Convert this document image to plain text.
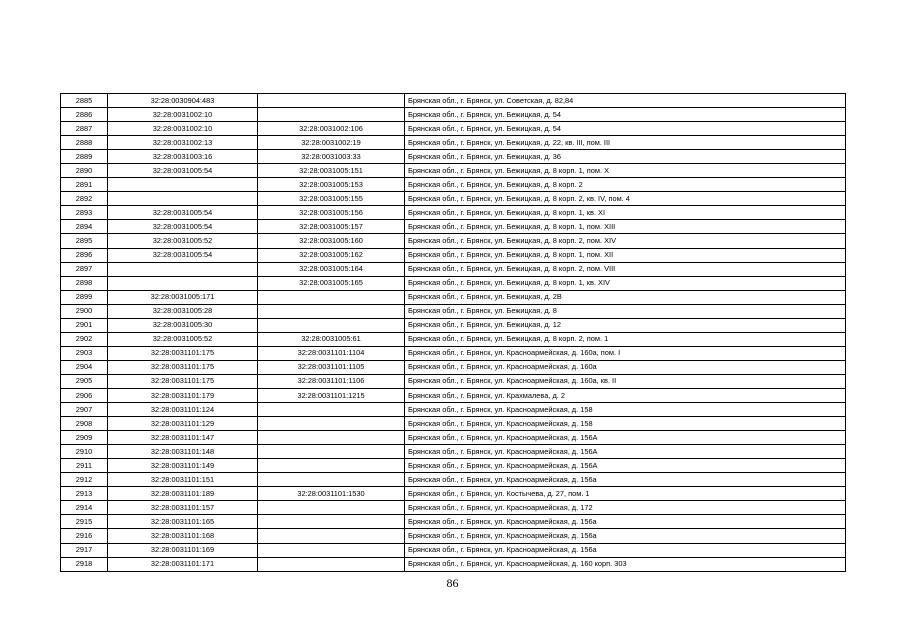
2885	32:28:0030904:483		Брянская обл., г. Брянск, ул. Советская, д. 82,84
2886	32:28:0031002:10		Брянская обл., г. Брянск, ул. Бежицкая, д. 54
2887	32:28:0031002:10	32:28:0031002:106	Брянская обл., г. Брянск, ул. Бежицкая, д. 54
2888	32:28:0031002:13	32:28:0031002:19	Брянская обл., г. Брянск, ул. Бежицкая, д. 22, кв. III, пом. III
2889	32:28:0031003:16	32:28:0031003:33	Брянская обл., г. Брянск, ул. Бежицкая, д. 36
2890	32:28:0031005:54	32:28:0031005:151	Брянская обл., г. Брянск, ул. Бежицкая, д. 8 корп. 1, пом. X
2891		32:28:0031005:153	Брянская обл., г. Брянск, ул. Бежицкая, д. 8 корп. 2
2892		32:28:0031005:155	Брянская обл., г. Брянск, ул. Бежицкая, д. 8 корп. 2, кв. IV, пом. 4
2893	32:28:0031005:54	32:28:0031005:156	Брянская обл., г. Брянск, ул. Бежицкая, д. 8 корп. 1, кв. XI
2894	32:28:0031005:54	32:28:0031005:157	Брянская обл., г. Брянск, ул. Бежицкая, д. 8 корп. 1, пом. XIII
2895	32:28:0031005:52	32:28:0031005:160	Брянская обл., г. Брянск, ул. Бежицкая, д. 8 корп. 2, пом. XIV
2896	32:28:0031005:54	32:28:0031005:162	Брянская обл., г. Брянск, ул. Бежицкая, д. 8 корп. 1, пом. XII
2897		32:28:0031005:164	Брянская обл., г. Брянск, ул. Бежицкая, д. 8 корп. 2, пом. VIII
2898		32:28:0031005:165	Брянская обл., г. Брянск, ул. Бежицкая, д. 8 корп. 1, кв. XIV
2899	32:28:0031005:171		Брянская обл., г. Брянск, ул. Бежицкая, д. 2В
2900	32:28:0031005:28		Брянская обл., г. Брянск, ул. Бежицкая, д. 8
2901	32:28:0031005:30		Брянская обл., г. Брянск, ул. Бежицкая, д. 12
2902	32:28:0031005:52	32:28:0031005:61	Брянская обл., г. Брянск, ул. Бежицкая, д. 8 корп. 2, пом. 1
2903	32:28:0031101:175	32:28:0031101:1104	Брянская обл., г. Брянск, ул. Красноармейская, д. 160а, пом. I
2904	32:28:0031101:175	32:28:0031101:1105	Брянская обл., г. Брянск, ул. Красноармейская, д. 160а
2905	32:28:0031101:175	32:28:0031101:1106	Брянская обл., г. Брянск, ул. Красноармейская, д. 160а, кв. II
2906	32:28:0031101:179	32:28:0031101:1215	Брянская обл., г. Брянск, ул. Крахмалева, д. 2
2907	32:28:0031101:124		Брянская обл., г. Брянск, ул. Красноармейская, д. 158
2908	32:28:0031101:129		Брянская обл., г. Брянск, ул. Красноармейская, д. 158
2909	32:28:0031101:147		Брянская обл., г. Брянск, ул. Красноармейская, д. 156А
2910	32:28:0031101:148		Брянская обл., г. Брянск, ул. Красноармейская, д. 156А
2911	32:28:0031101:149		Брянская обл., г. Брянск, ул. Красноармейская, д. 156А
2912	32:28:0031101:151		Брянская обл., г. Брянск, ул. Красноармейская, д. 156а
2913	32:28:0031101:189	32:28:0031101:1530	Брянская обл., г. Брянск, ул. Костычева, д. 27, пом. 1
2914	32:28:0031101:157		Брянская обл., г. Брянск, ул. Красноармейская, д. 172
2915	32:28:0031101:165		Брянская обл., г. Брянск, ул. Красноармейская, д. 156а
2916	32:28:0031101:168		Брянская обл., г. Брянск, ул. Красноармейская, д. 156а
2917	32:28:0031101:169		Брянская обл., г. Брянск, ул. Красноармейская, д. 156а
2918	32:28:0031101:171		Брянская обл., г. Брянск, ул. Красноармейская, д. 160 корп. 303
86
